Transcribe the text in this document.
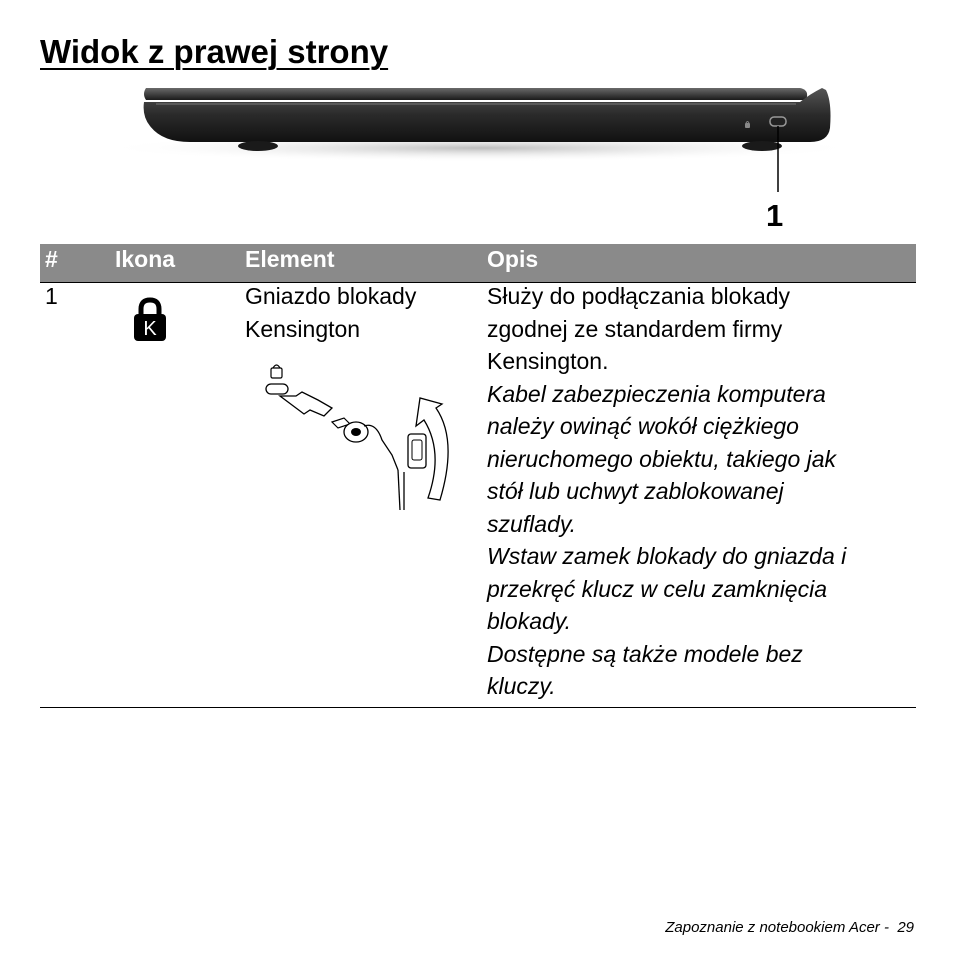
Widok z prawej strony
1
# Ikona	Element	Opis
1
K
Gniazdo blokady
Kensington
Służy do podłączania blokady
zgodnej ze standardem firmy
Kensington.
Kabel zabezpieczenia komputera
należy owinąć wokół ciężkiego
nieruchomego obiektu, takiego jak
stół lub uchwyt zablokowanej
szuflady.
Wstaw zamek blokady do gniazda i
przekręć klucz w celu zamknięcia
blokady.
Dostępne są także modele bez
kluczy.
Zapoznanie z notebookiem Acer - 29
